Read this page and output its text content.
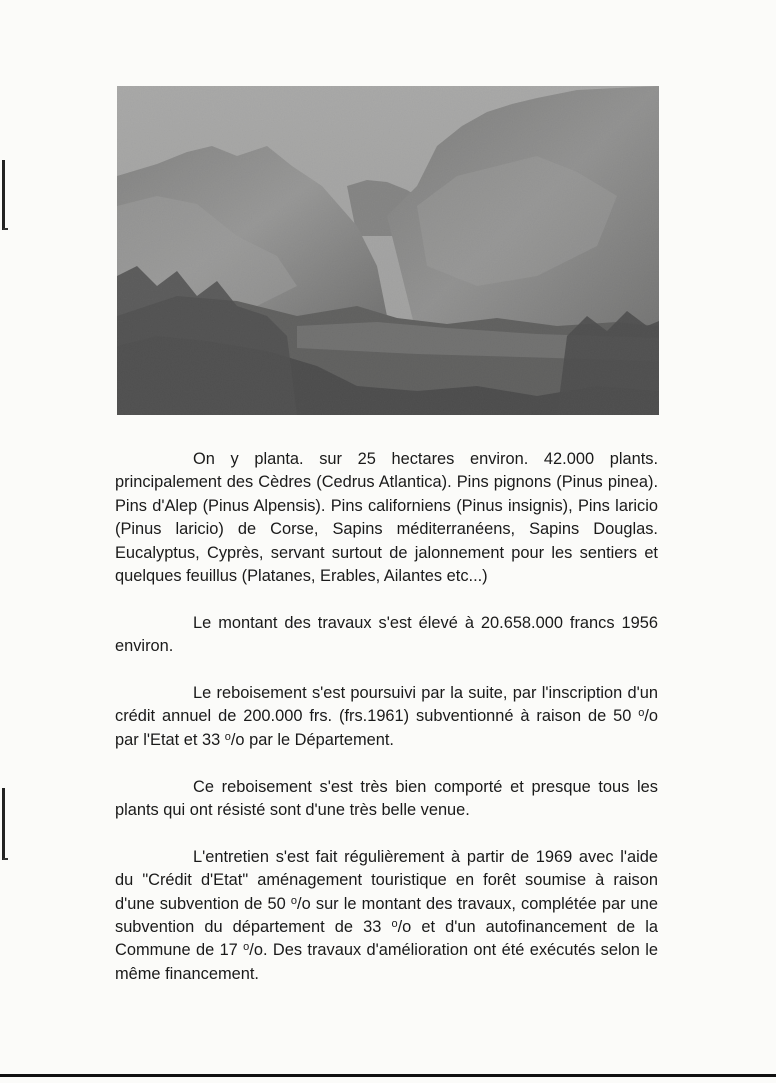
On y planta. sur 25 hectares environ. 42.000 plants. principalement des Cèdres (Cedrus Atlantica). Pins pignons (Pinus pinea). Pins d'Alep (Pinus Alpensis). Pins californiens (Pinus insignis), Pins laricio (Pinus laricio) de Corse, Sapins méditerranéens, Sapins Douglas. Eucalyptus, Cyprès, servant surtout de jalonnement pour les sentiers et quelques feuillus (Platanes, Erables, Ailantes etc...)

Le montant des travaux s'est élevé à 20.658.000 francs 1956 environ.

Le reboisement s'est poursuivi par la suite, par l'inscription d'un crédit annuel de 200.000 frs. (frs.1961) subventionné à raison de 50 $^o$/o par l'Etat et 33 $^o$/o par le Département.

Ce reboisement s'est très bien comporté et presque tous les plants qui ont résisté sont d'une très belle venue.

L'entretien s'est fait régulièrement à partir de 1969 avec l'aide du "Crédit d'Etat" aménagement touristique en forêt soumise à raison d'une subvention de 50 $^o$/o sur le montant des travaux, complétée par une subvention du département de 33 $^o$/o et d'un autofinancement de la Commune de 17 $^o$/o. Des travaux d'amélioration ont été exécutés selon le même financement.
